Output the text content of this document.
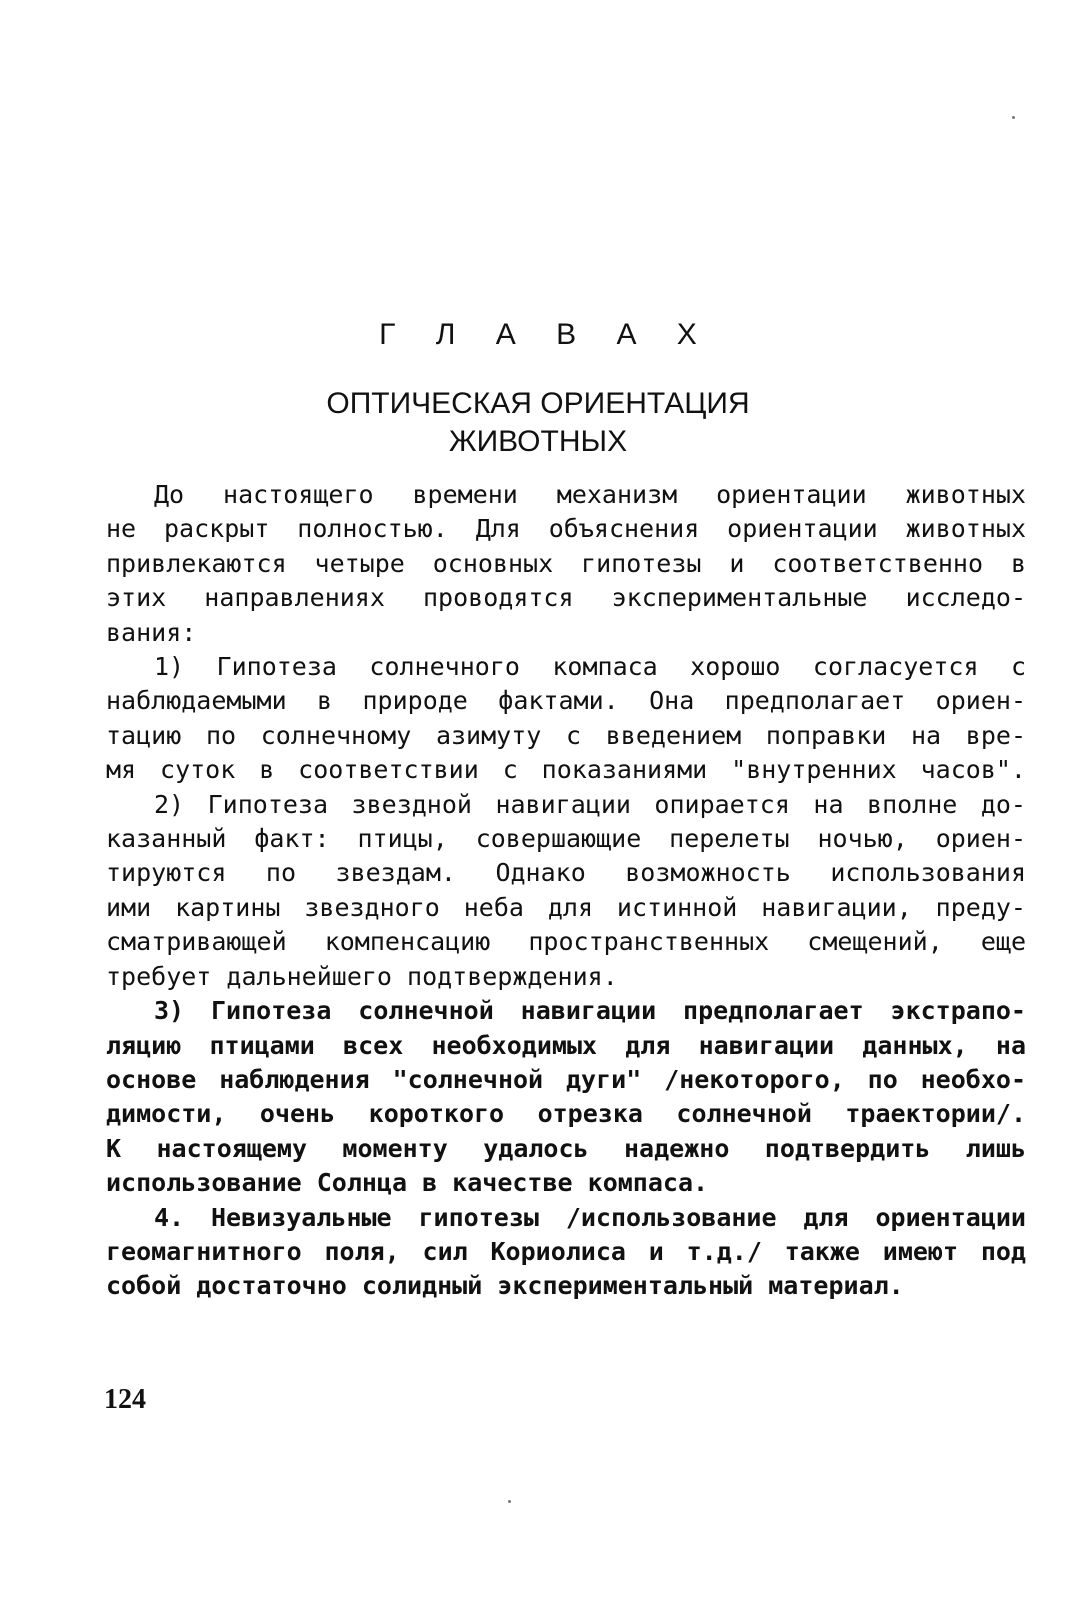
Г Л А В А X
ОПТИЧЕСКАЯ ОРИЕНТАЦИЯ
ЖИВОТНЫХ
До настоящего времени механизм ориентации животных
не раскрыт полностью. Для объяснения ориентации животных
привлекаются четыре основных гипотезы и соответственно в
этих направлениях проводятся экспериментальные исследо-
вания:
1) Гипотеза солнечного компаса хорошо согласуется с
наблюдаемыми в природе фактами. Она предполагает ориен-
тацию по солнечному азимуту с введением поправки на вре-
мя суток в соответствии с показаниями "внутренних часов".
2) Гипотеза звездной навигации опирается на вполне до-
казанный факт: птицы, совершающие перелеты ночью, ориен-
тируются по звездам. Однако возможность использования
ими картины звездного неба для истинной навигации, преду-
сматривающей компенсацию пространственных смещений, еще
требует дальнейшего подтверждения.
3) Гипотеза солнечной навигации предполагает экстрапо-
ляцию птицами всех необходимых для навигации данных, на
основе наблюдения "солнечной дуги" /некоторого, по необхо-
димости, очень короткого отрезка солнечной траектории/.
К настоящему моменту удалось надежно подтвердить лишь
использование Солнца в качестве компаса.
4. Невизуальные гипотезы /использование для ориентации
геомагнитного поля, сил Кориолиса и т.д./ также имеют под
собой достаточно солидный экспериментальный материал.
124
